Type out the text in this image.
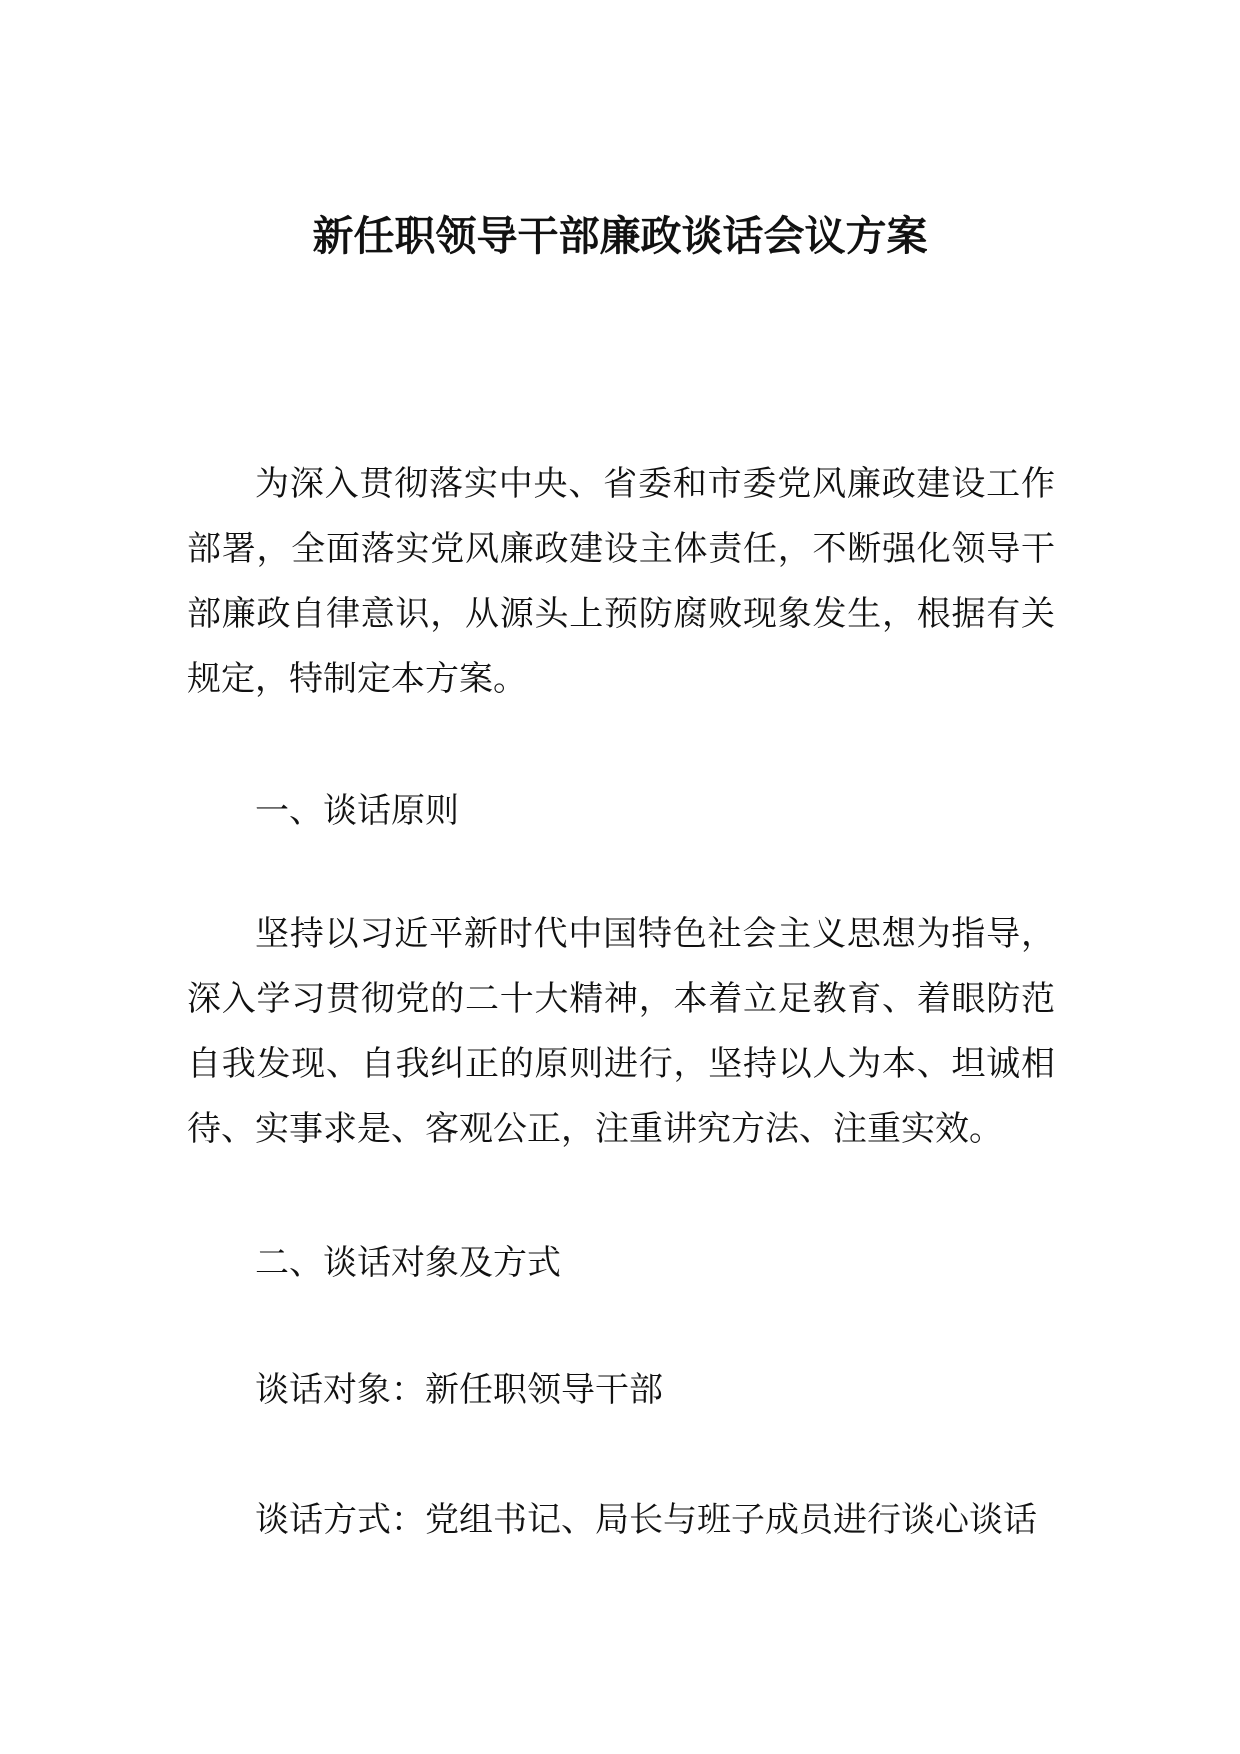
新任职领导干部廉政谈话会议方案

为深入贯彻落实中央、省委和市委党风廉政建设工作部署，全面落实党风廉政建设主体责任，不断强化领导干部廉政自律意识，从源头上预防腐败现象发生，根据有关规定，特制定本方案。

一、谈话原则

坚持以习近平新时代中国特色社会主义思想为指导，深入学习贯彻党的二十大精神，本着立足教育、着眼防范自我发现、自我纠正的原则进行，坚持以人为本、坦诚相待、实事求是、客观公正，注重讲究方法、注重实效。

二、谈话对象及方式

谈话对象：新任职领导干部

谈话方式：党组书记、局长与班子成员进行谈心谈话
